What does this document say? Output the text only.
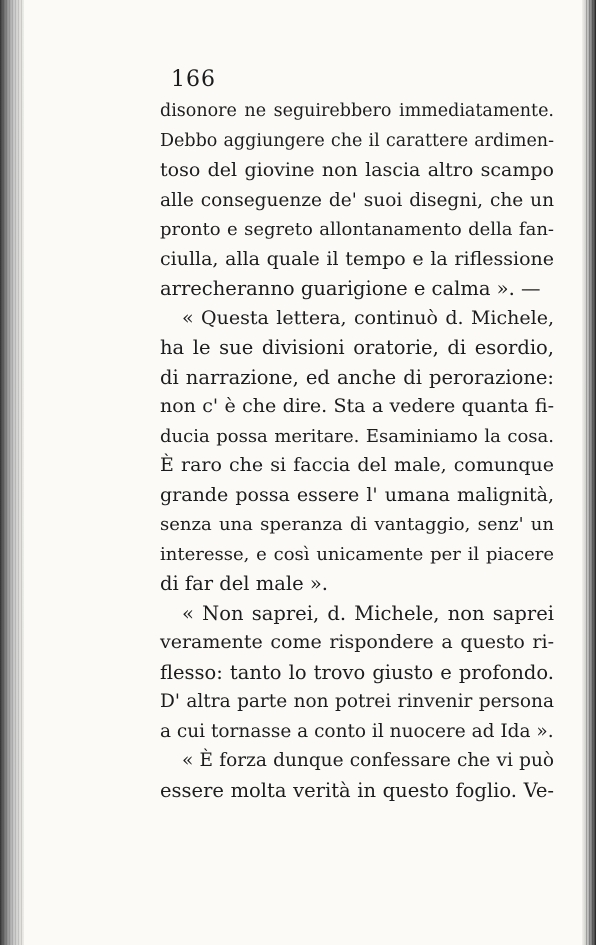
166
disonore ne seguirebbero immediatamente.
Debbo aggiungere che il carattere ardimen-
toso del giovine non lascia altro scampo
alle conseguenze de' suoi disegni, che un
pronto e segreto allontanamento della fan-
ciulla, alla quale il tempo e la riflessione
arrecheranno guarigione e calma ». —
« Questa lettera, continuò d. Michele,
ha le sue divisioni oratorie, di esordio,
di narrazione, ed anche di perorazione:
non c' è che dire. Sta a vedere quanta fi-
ducia possa meritare. Esaminiamo la cosa.
È raro che si faccia del male, comunque
grande possa essere l' umana malignità,
senza una speranza di vantaggio, senz' un
interesse, e così unicamente per il piacere
di far del male ».
« Non saprei, d. Michele, non saprei
veramente come rispondere a questo ri-
flesso: tanto lo trovo giusto e profondo.
D' altra parte non potrei rinvenir persona
a cui tornasse a conto il nuocere ad Ida ».
« È forza dunque confessare che vi può
essere molta verità in questo foglio. Ve-
